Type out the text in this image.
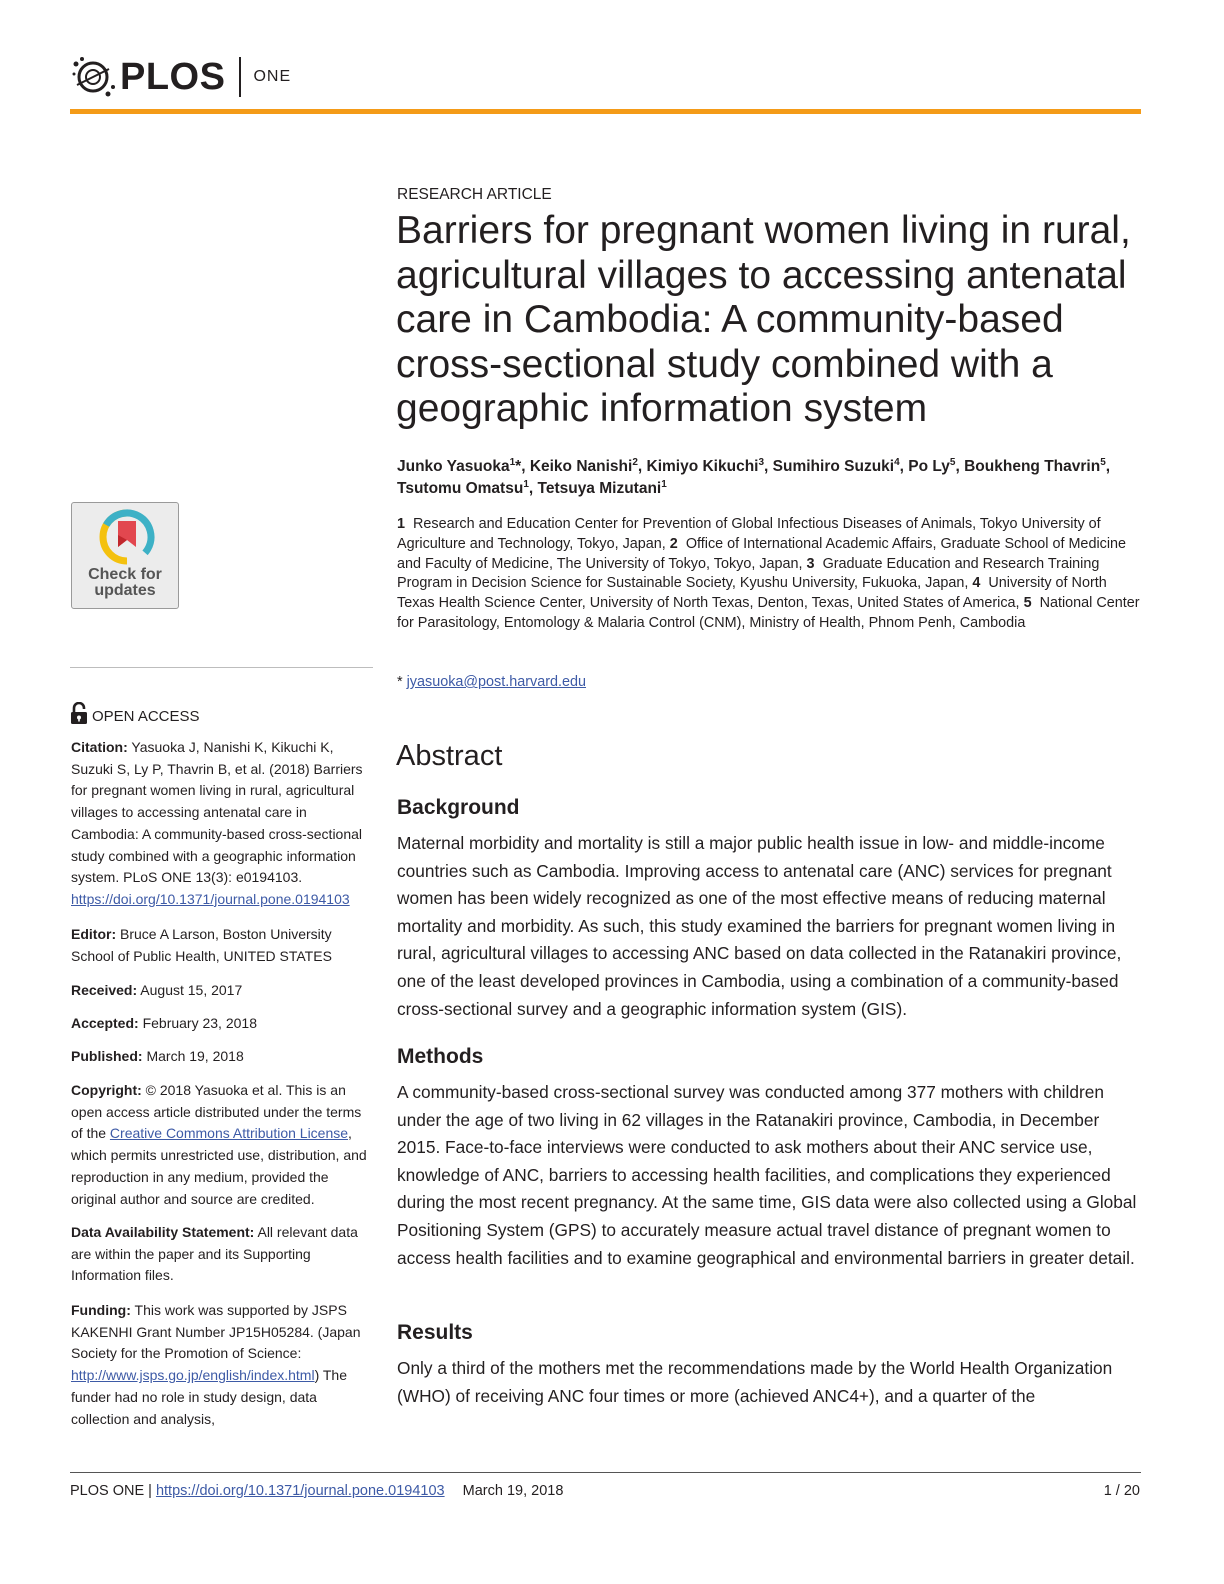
PLOS ONE
Check for updates
OPEN ACCESS
Citation: Yasuoka J, Nanishi K, Kikuchi K, Suzuki S, Ly P, Thavrin B, et al. (2018) Barriers for pregnant women living in rural, agricultural villages to accessing antenatal care in Cambodia: A community-based cross-sectional study combined with a geographic information system. PLoS ONE 13(3): e0194103. https://doi.org/10.1371/journal.pone.0194103
Editor: Bruce A Larson, Boston University School of Public Health, UNITED STATES
Received: August 15, 2017
Accepted: February 23, 2018
Published: March 19, 2018
Copyright: © 2018 Yasuoka et al. This is an open access article distributed under the terms of the Creative Commons Attribution License, which permits unrestricted use, distribution, and reproduction in any medium, provided the original author and source are credited.
Data Availability Statement: All relevant data are within the paper and its Supporting Information files.
Funding: This work was supported by JSPS KAKENHI Grant Number JP15H05284. (Japan Society for the Promotion of Science: http://www.jsps.go.jp/english/index.html) The funder had no role in study design, data collection and analysis,
RESEARCH ARTICLE
Barriers for pregnant women living in rural, agricultural villages to accessing antenatal care in Cambodia: A community-based cross-sectional study combined with a geographic information system
Junko Yasuoka$^1$*, Keiko Nanishi$^2$, Kimiyo Kikuchi$^3$, Sumihiro Suzuki$^4$, Po Ly$^5$, Boukheng Thavrin$^5$, Tsutomu Omatsu$^1$, Tetsuya Mizutani$^1$
1 Research and Education Center for Prevention of Global Infectious Diseases of Animals, Tokyo University of Agriculture and Technology, Tokyo, Japan, 2 Office of International Academic Affairs, Graduate School of Medicine and Faculty of Medicine, The University of Tokyo, Tokyo, Japan, 3 Graduate Education and Research Training Program in Decision Science for Sustainable Society, Kyushu University, Fukuoka, Japan, 4 University of North Texas Health Science Center, University of North Texas, Denton, Texas, United States of America, 5 National Center for Parasitology, Entomology & Malaria Control (CNM), Ministry of Health, Phnom Penh, Cambodia
* jyasuoka@post.harvard.edu
Abstract
Background

Maternal morbidity and mortality is still a major public health issue in low- and middle-income countries such as Cambodia. Improving access to antenatal care (ANC) services for pregnant women has been widely recognized as one of the most effective means of reducing maternal mortality and morbidity. As such, this study examined the barriers for pregnant women living in rural, agricultural villages to accessing ANC based on data collected in the Ratanakiri province, one of the least developed provinces in Cambodia, using a combination of a community-based cross-sectional survey and a geographic information system (GIS).

Methods

A community-based cross-sectional survey was conducted among 377 mothers with children under the age of two living in 62 villages in the Ratanakiri province, Cambodia, in December 2015. Face-to-face interviews were conducted to ask mothers about their ANC service use, knowledge of ANC, barriers to accessing health facilities, and complications they experienced during the most recent pregnancy. At the same time, GIS data were also collected using a Global Positioning System (GPS) to accurately measure actual travel distance of pregnant women to access health facilities and to examine geographical and environmental barriers in greater detail.

Results

Only a third of the mothers met the recommendations made by the World Health Organization (WHO) of receiving ANC four times or more (achieved ANC4+), and a quarter of the

PLOS ONE | https://doi.org/10.1371/journal.pone.0194103 March 19, 2018	1 / 20
